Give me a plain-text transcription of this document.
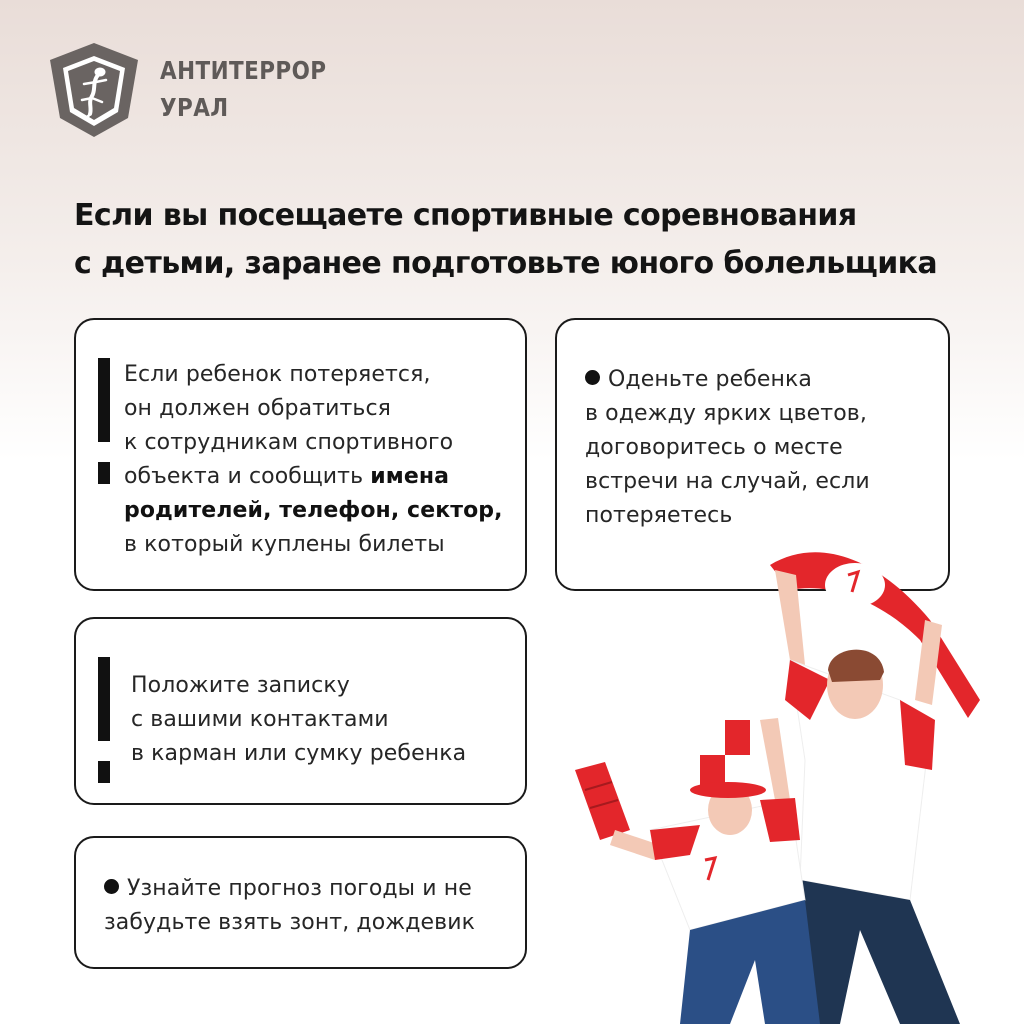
АНТИТЕРРОР
УРАЛ
Если вы посещаете спортивные соревнования
с детьми, заранее подготовьте юного болельщика

Если ребенок потеряется,

он должен обратиться

к сотрудникам спортивного

объекта и сообщить имена

родителей, телефон, сектор,

в который куплены билеты

Оденьте ребенка

в одежду ярких цветов,

договоритесь о месте

встречи на случай, если

потеряетесь

Положите записку

с вашими контактами

в карман или сумку ребенка

Узнайте прогноз погоды и не

забудьте взять зонт, дождевик
